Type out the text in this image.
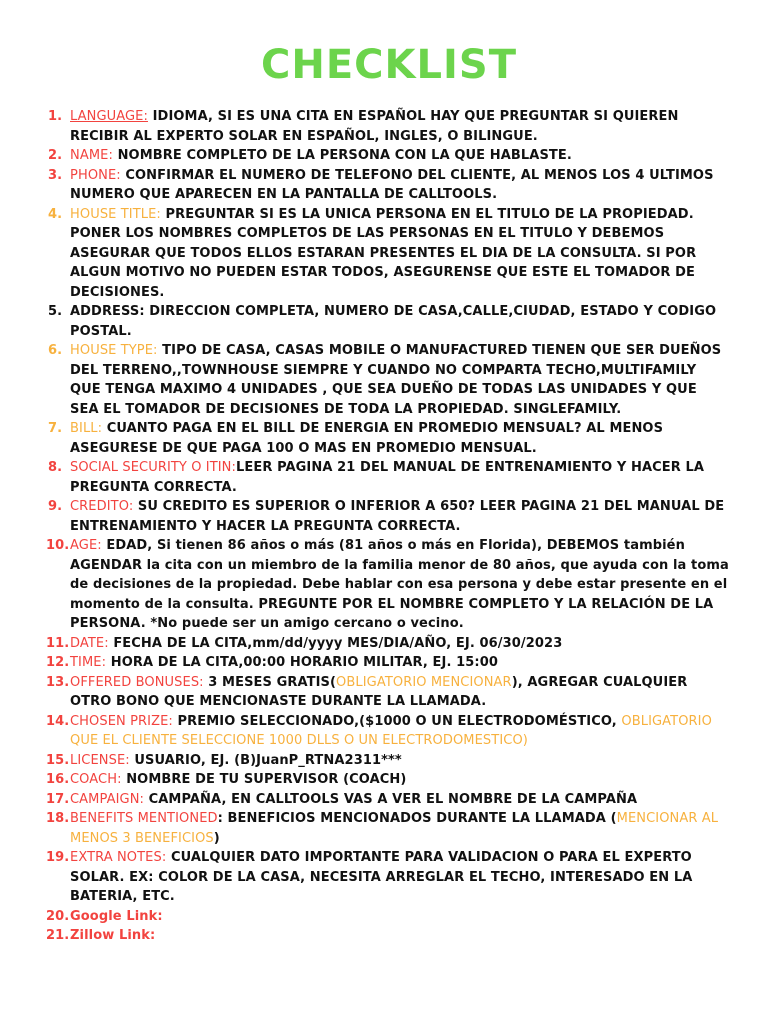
CHECKLIST
1. LANGUAGE: IDIOMA, SI ES UNA CITA EN ESPAÑOL HAY QUE PREGUNTAR SI QUIEREN RECIBIR AL EXPERTO SOLAR EN ESPAÑOL, INGLES, O BILINGUE.
2. NAME: NOMBRE COMPLETO DE LA PERSONA CON LA QUE HABLASTE.
3. PHONE: CONFIRMAR EL NUMERO DE TELEFONO DEL CLIENTE, AL MENOS LOS 4 ULTIMOS NUMERO QUE APARECEN EN LA PANTALLA DE CALLTOOLS.
4. HOUSE TITLE: PREGUNTAR SI ES LA UNICA PERSONA EN EL TITULO DE LA PROPIEDAD. PONER LOS NOMBRES COMPLETOS DE LAS PERSONAS EN EL TITULO Y DEBEMOS ASEGURAR QUE TODOS ELLOS ESTARAN PRESENTES EL DIA DE LA CONSULTA. SI POR ALGUN MOTIVO NO PUEDEN ESTAR TODOS, ASEGURENSE QUE ESTE EL TOMADOR DE DECISIONES.
5. ADDRESS: DIRECCION COMPLETA, NUMERO DE CASA,CALLE,CIUDAD, ESTADO Y CODIGO POSTAL.
6. HOUSE TYPE: TIPO DE CASA, CASAS MOBILE O MANUFACTURED TIENEN QUE SER DUEÑOS DEL TERRENO,,TOWNHOUSE SIEMPRE Y CUANDO NO COMPARTA TECHO,MULTIFAMILY QUE TENGA MAXIMO 4 UNIDADES , QUE SEA DUEÑO DE TODAS LAS UNIDADES Y QUE SEA EL TOMADOR DE DECISIONES DE TODA LA PROPIEDAD. SINGLEFAMILY.
7. BILL: CUANTO PAGA EN EL BILL DE ENERGIA EN PROMEDIO MENSUAL? AL MENOS ASEGURESE DE QUE PAGA 100 O MAS EN PROMEDIO MENSUAL.
8. SOCIAL SECURITY O ITIN:LEER PAGINA 21 DEL MANUAL DE ENTRENAMIENTO Y HACER LA PREGUNTA CORRECTA.
9. CREDITO: SU CREDITO ES SUPERIOR O INFERIOR A 650? LEER PAGINA 21 DEL MANUAL DE ENTRENAMIENTO Y HACER LA PREGUNTA CORRECTA.
10. AGE: EDAD, Si tienen 86 años o más (81 años o más en Florida), DEBEMOS también AGENDAR la cita con un miembro de la familia menor de 80 años, que ayuda con la toma de decisiones de la propiedad. Debe hablar con esa persona y debe estar presente en el momento de la consulta. PREGUNTE POR EL NOMBRE COMPLETO Y LA RELACIÓN DE LA PERSONA. *No puede ser un amigo cercano o vecino.
11. DATE: FECHA DE LA CITA,mm/dd/yyyy MES/DIA/AÑO, EJ. 06/30/2023
12. TIME: HORA DE LA CITA,00:00 HORARIO MILITAR, EJ. 15:00
13. OFFERED BONUSES: 3 MESES GRATIS(OBLIGATORIO MENCIONAR), AGREGAR CUALQUIER OTRO BONO QUE MENCIONASTE DURANTE LA LLAMADA.
14. CHOSEN PRIZE: PREMIO SELECCIONADO,($1000 O UN ELECTRODOMÉSTICO, OBLIGATORIO QUE EL CLIENTE SELECCIONE 1000 DLLS O UN ELECTRODOMESTICO)
15. LICENSE: USUARIO, EJ. (B)JuanP_RTNA2311***
16. COACH: NOMBRE DE TU SUPERVISOR (COACH)
17. CAMPAIGN: CAMPAÑA, EN CALLTOOLS VAS A VER EL NOMBRE DE LA CAMPAÑA
18. BENEFITS MENTIONED: BENEFICIOS MENCIONADOS DURANTE LA LLAMADA (MENCIONAR AL MENOS 3 BENEFICIOS)
19. EXTRA NOTES: CUALQUIER DATO IMPORTANTE PARA VALIDACION O PARA EL EXPERTO SOLAR. EX: COLOR DE LA CASA, NECESITA ARREGLAR EL TECHO, INTERESADO EN LA BATERIA, ETC.
20. Google Link:
21. Zillow Link:
